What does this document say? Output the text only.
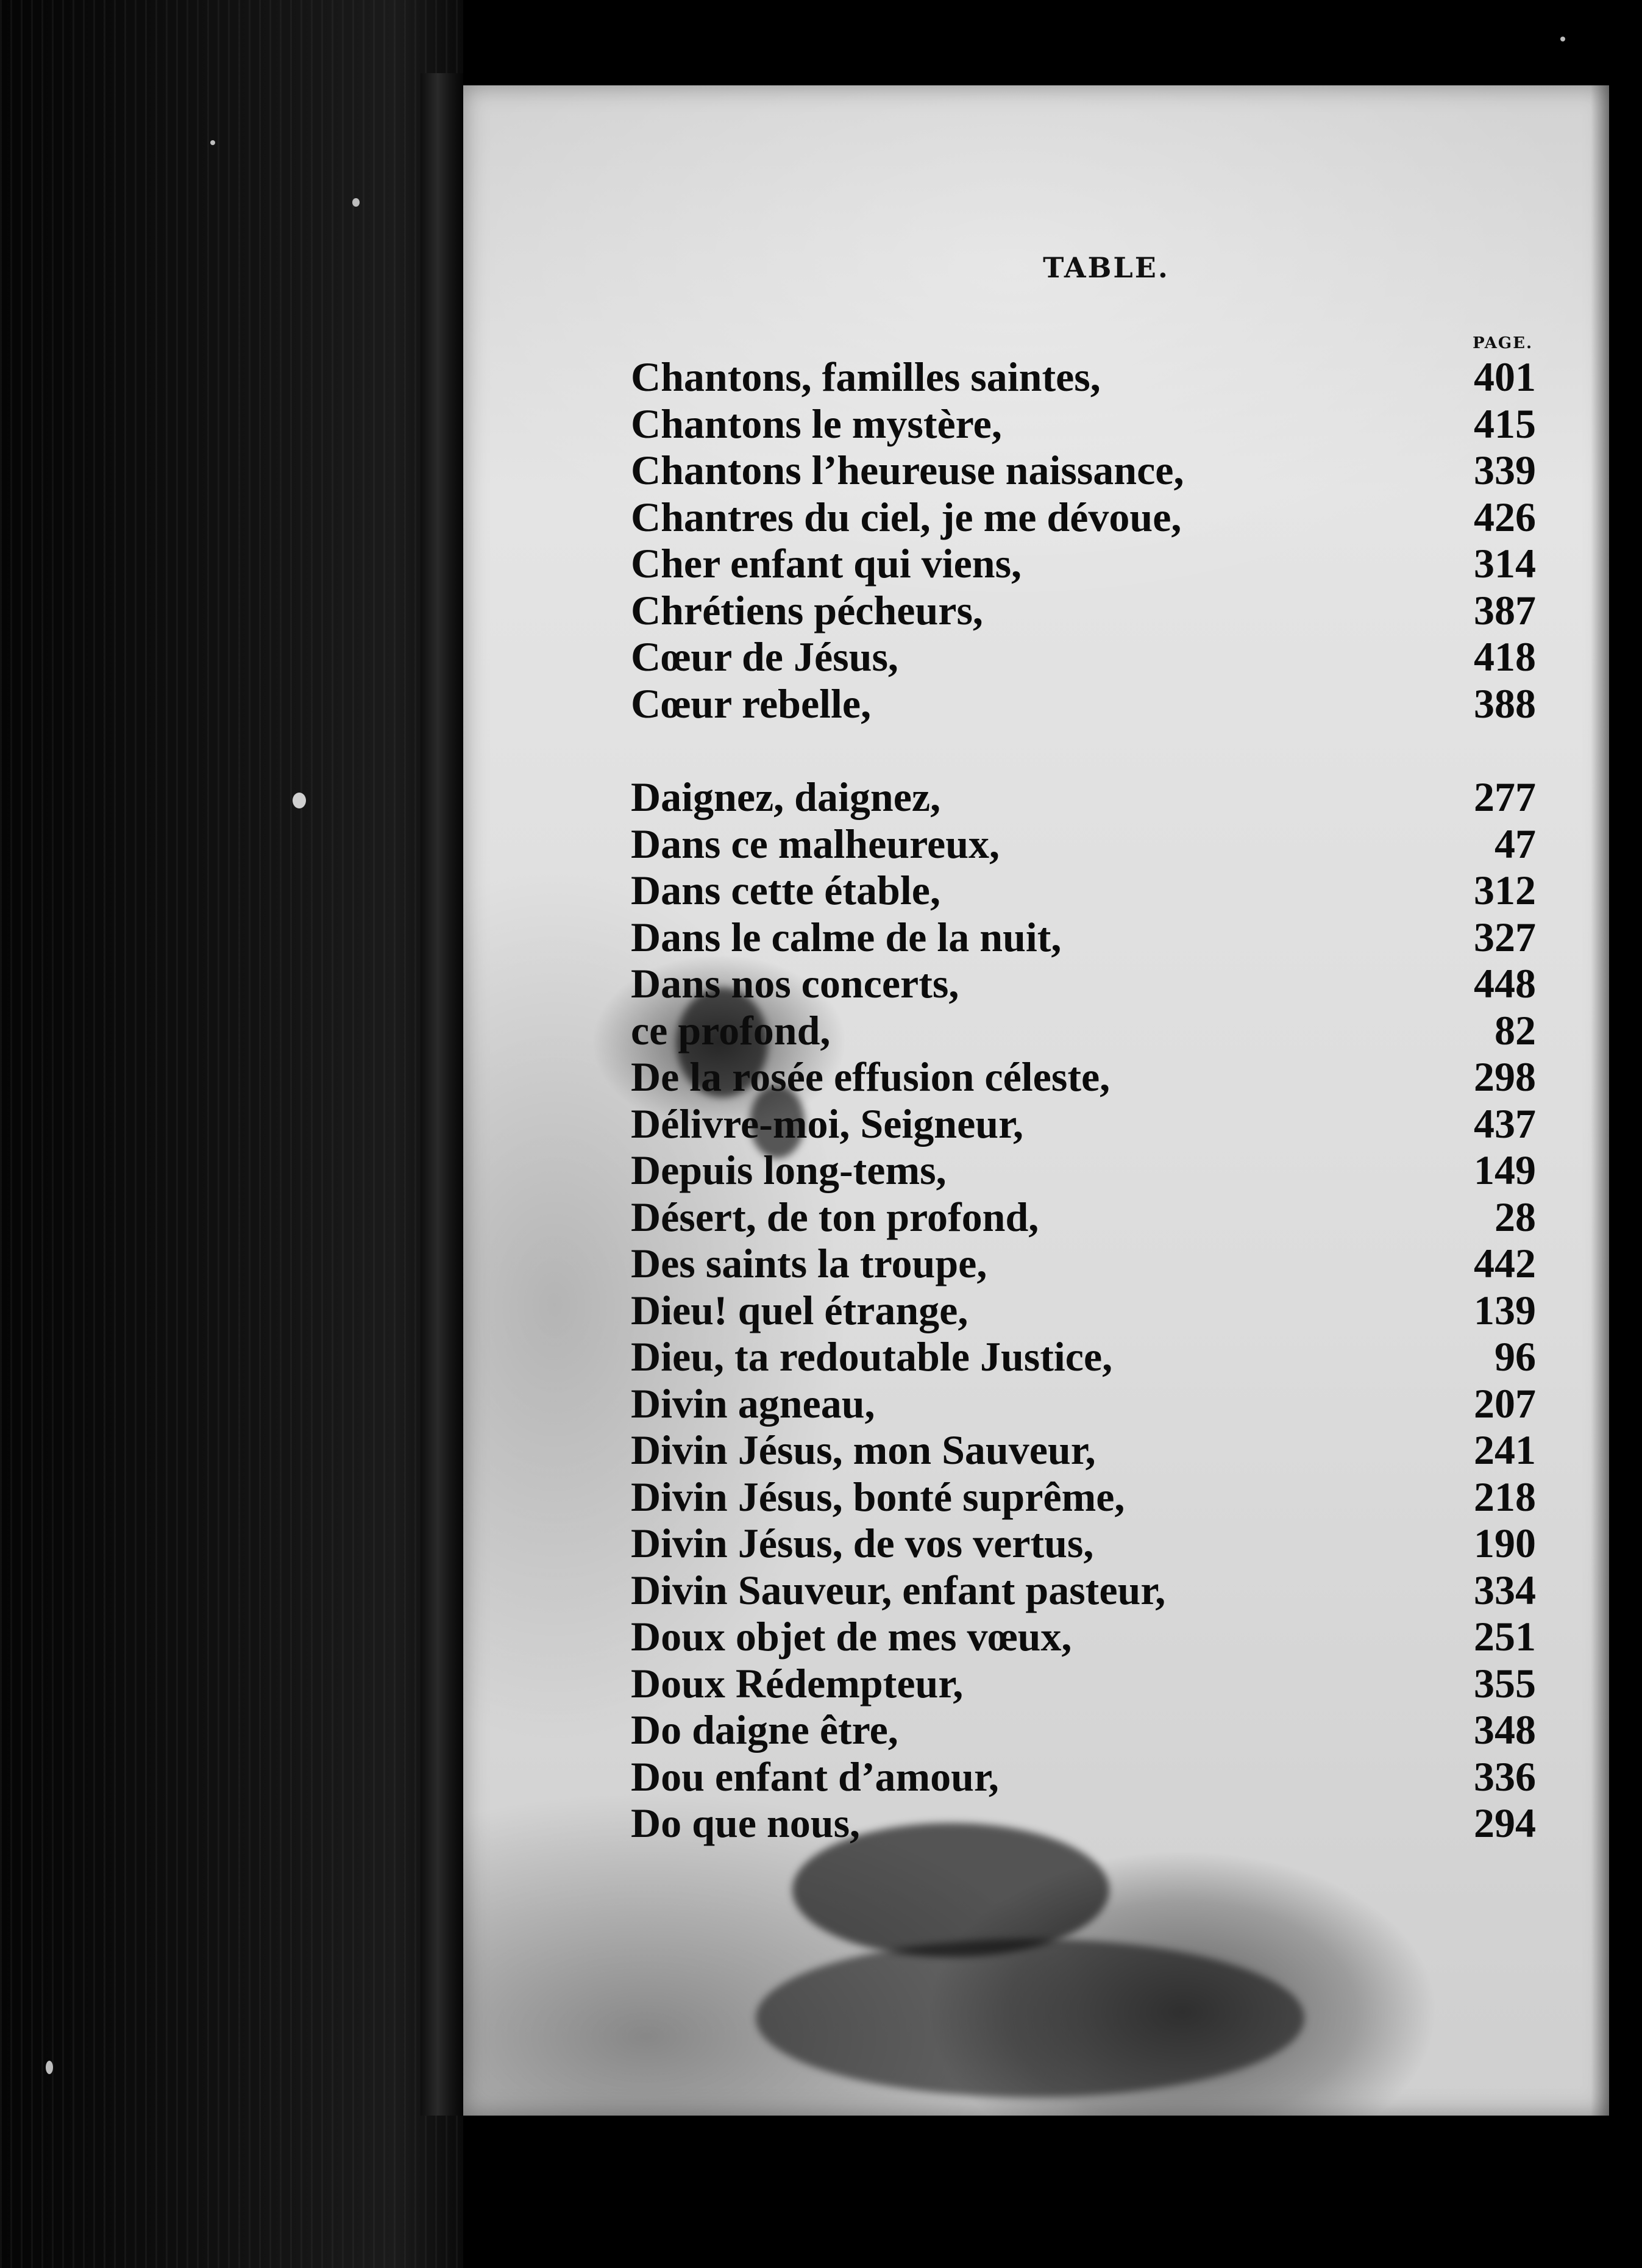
TABLE.
PAGE.
Chantons, familles saintes,	401
Chantons le mystère,	415
Chantons l’heureuse naissance,	339
Chantres du ciel, je me dévoue,	426
Cher enfant qui viens,	314
Chrétiens pécheurs,	387
Cœur de Jésus,	418
Cœur rebelle,	388
Daignez, daignez,	277
Dans ce malheureux,	47
Dans cette étable,	312
Dans le calme de la nuit,	327
Dans nos concerts,	448
ce profond,	82
De la rosée effusion céleste,	298
Délivre-moi, Seigneur,	437
Depuis long-tems,	149
Désert, de ton profond,	28
Des saints la troupe,	442
Dieu! quel étrange,	139
Dieu, ta redoutable Justice,	96
Divin agneau,	207
Divin Jésus, mon Sauveur,	241
Divin Jésus, bonté suprême,	218
Divin Jésus, de vos vertus,	190
Divin Sauveur, enfant pasteur,	334
Doux objet de mes vœux,	251
Doux Rédempteur,	355
Do daigne être,	348
Dou enfant d’amour,	336
Do que nous,	294
